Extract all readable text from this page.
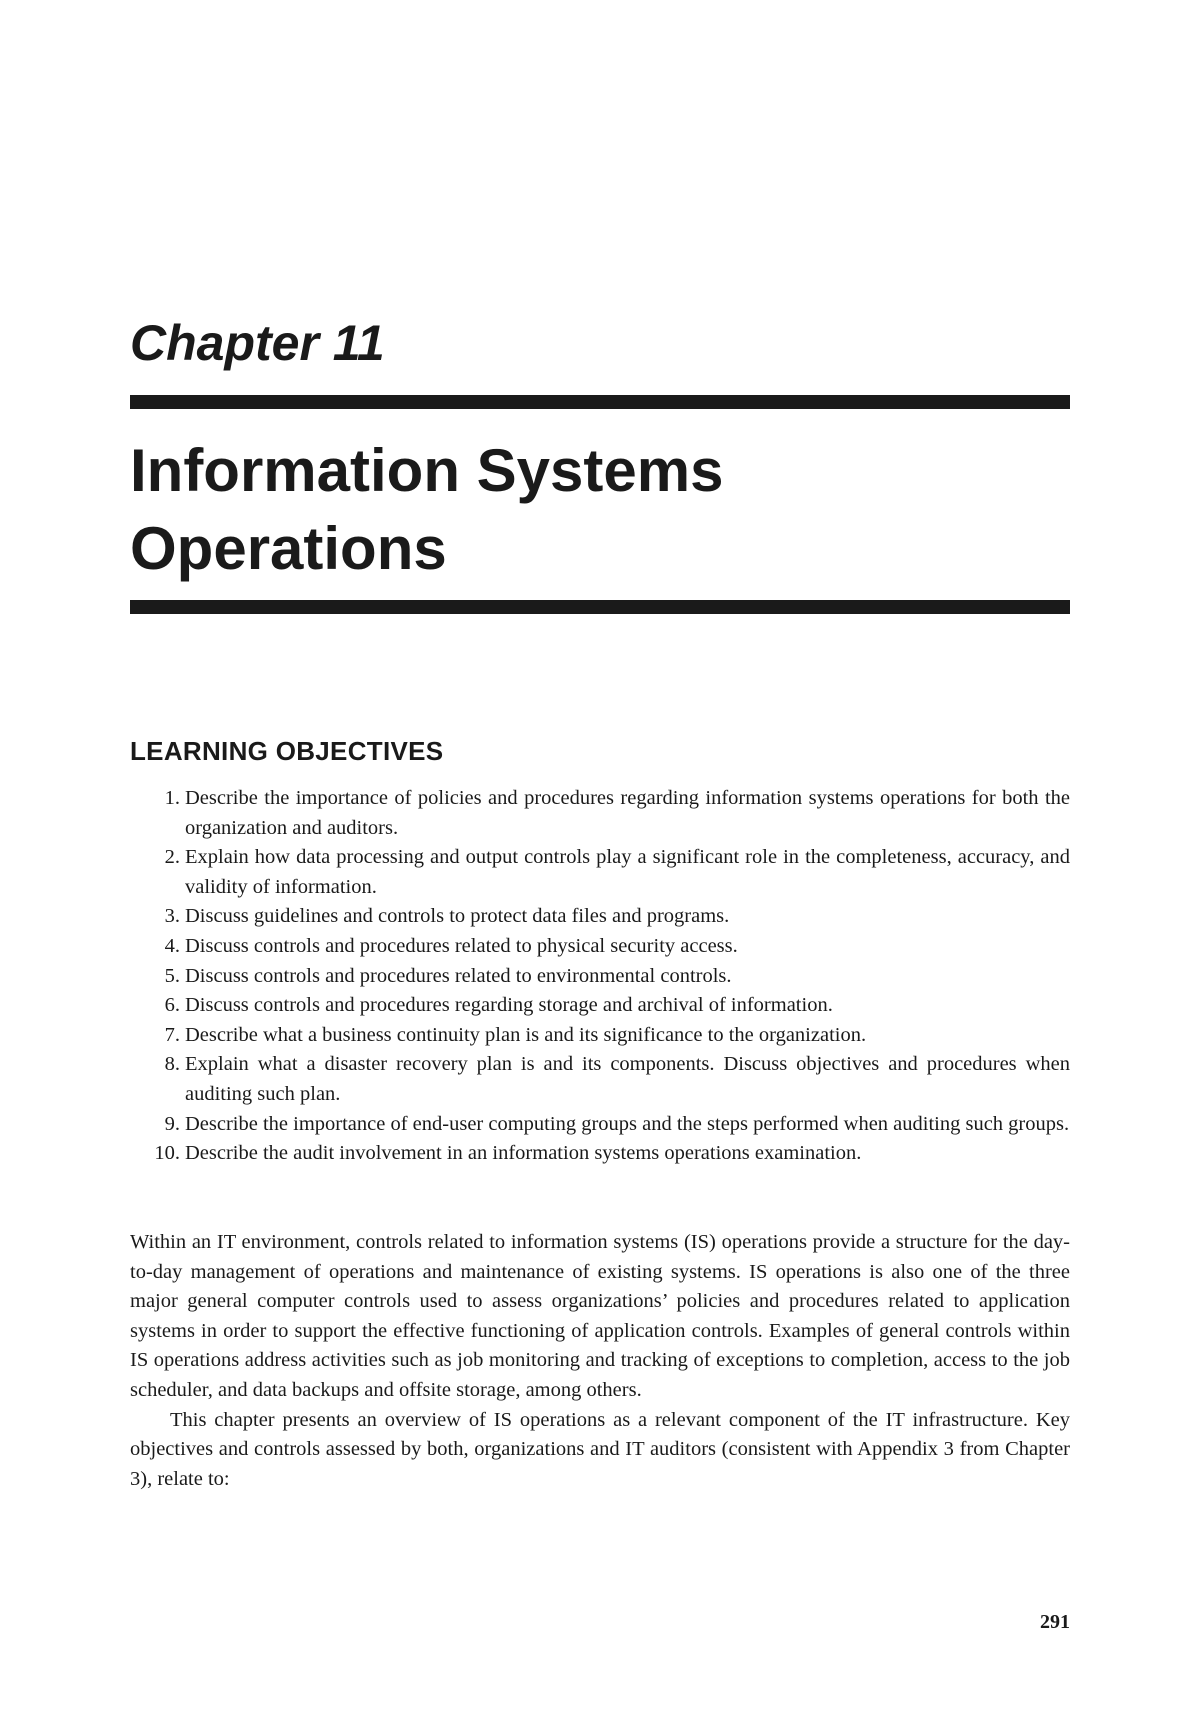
Chapter 11
Information Systems
Operations
LEARNING OBJECTIVES
1. Describe the importance of policies and procedures regarding information systems operations for both the organization and auditors.
2. Explain how data processing and output controls play a significant role in the completeness, accuracy, and validity of information.
3. Discuss guidelines and controls to protect data files and programs.
4. Discuss controls and procedures related to physical security access.
5. Discuss controls and procedures related to environmental controls.
6. Discuss controls and procedures regarding storage and archival of information.
7. Describe what a business continuity plan is and its significance to the organization.
8. Explain what a disaster recovery plan is and its components. Discuss objectives and procedures when auditing such plan.
9. Describe the importance of end-user computing groups and the steps performed when auditing such groups.
10. Describe the audit involvement in an information systems operations examination.

Within an IT environment, controls related to information systems (IS) operations provide a structure for the day-to-day management of operations and maintenance of existing systems. IS operations is also one of the three major general computer controls used to assess organizations’ policies and procedures related to application systems in order to support the effective functioning of application controls. Examples of general controls within IS operations address activities such as job monitoring and tracking of exceptions to completion, access to the job scheduler, and data backups and offsite storage, among others.

This chapter presents an overview of IS operations as a relevant component of the IT infrastructure. Key objectives and controls assessed by both, organizations and IT auditors (consistent with Appendix 3 from Chapter 3), relate to:

291
